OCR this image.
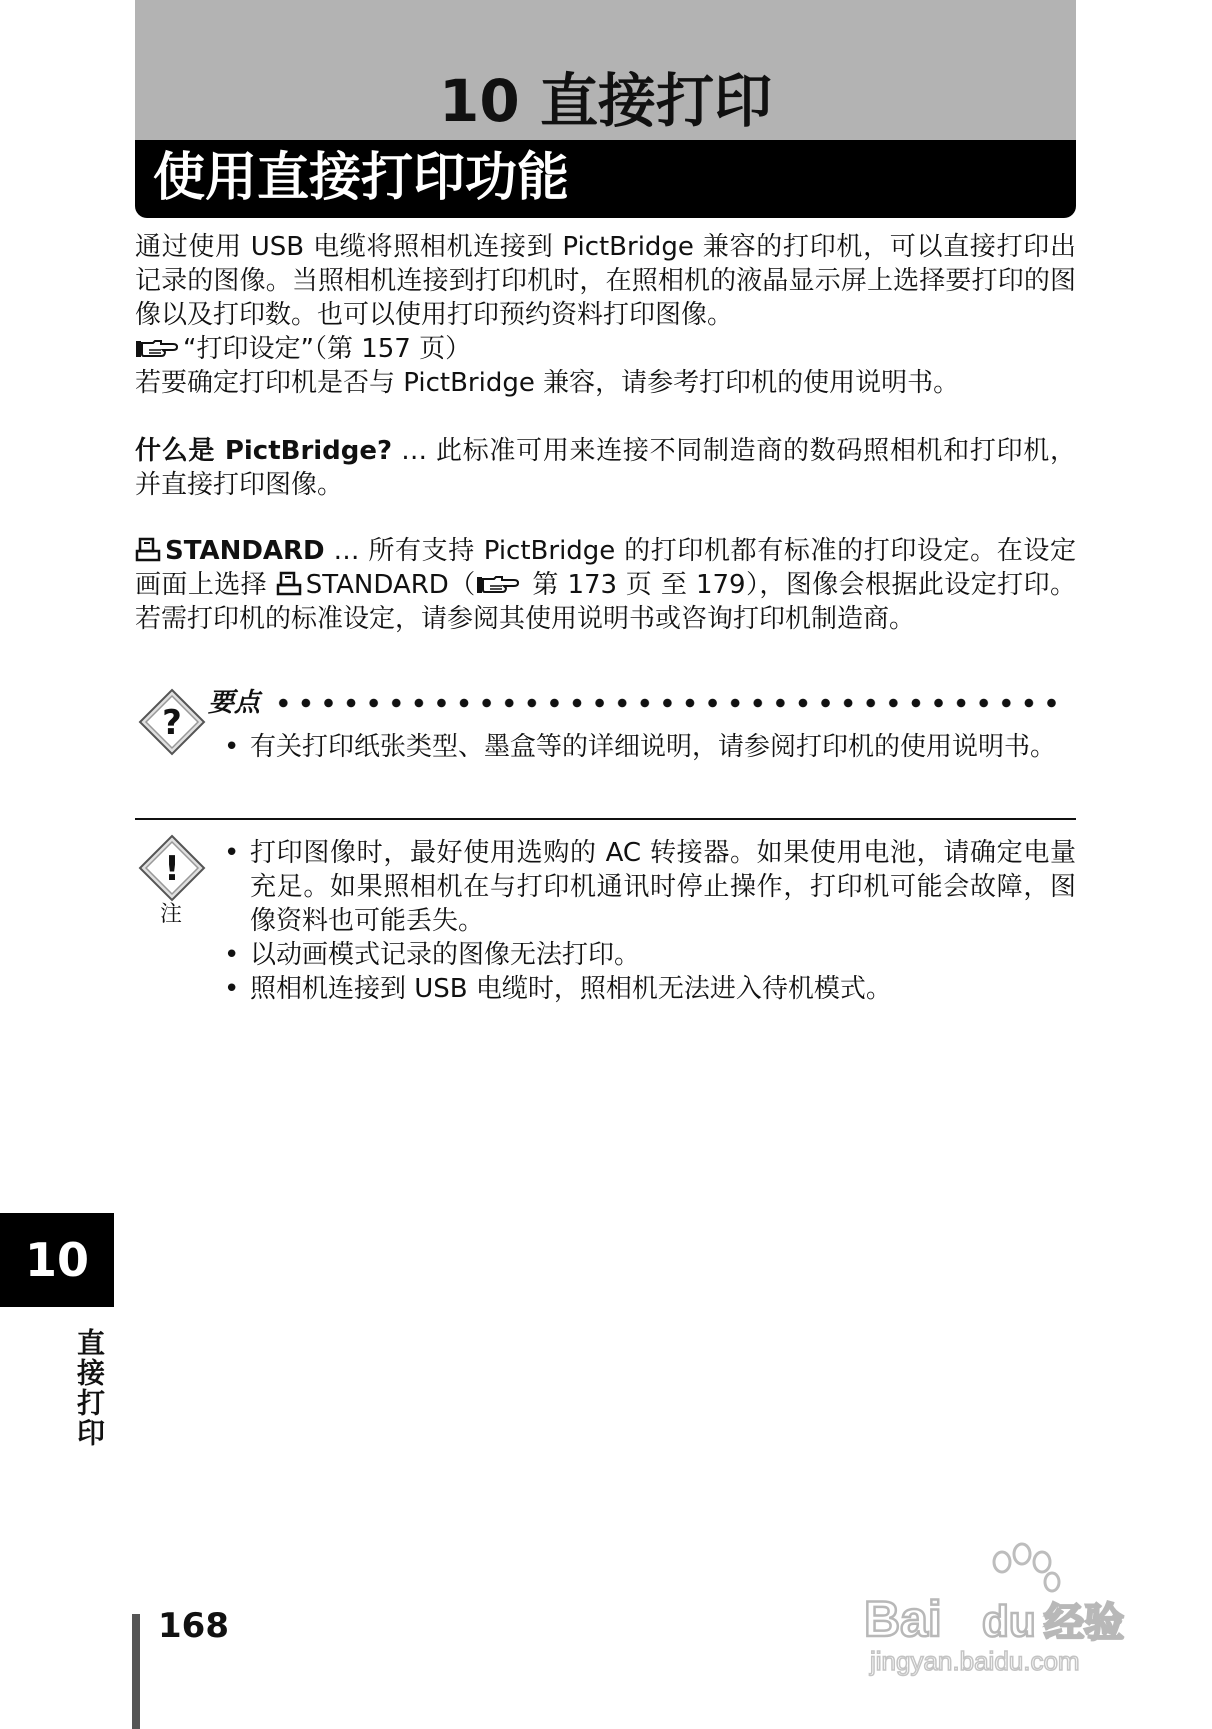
10 直接打印
使用直接打印功能
通过使用 USB 电缆将照相机连接到 PictBridge 兼容的打印机，可以直接打印出记录的图像。当照相机连接到打印机时，在照相机的液晶显示屏上选择要打印的图像以及打印数。也可以使用打印预约资料打印图像。
“打印设定”（第 157 页）
若要确定打印机是否与 PictBridge 兼容，请参考打印机的使用说明书。
什么是 PictBridge? … 此标准可用来连接不同制造商的数码照相机和打印机，并直接打印图像。
STANDARD … 所有支持 PictBridge 的打印机都有标准的打印设定。在设定画面上选择 STANDARD（ 第 173 页 至 179），图像会根据此设定打印。若需打印机的标准设定，请参阅其使用说明书或咨询打印机制造商。
? 要点
• 有关打印纸张类型、墨盒等的详细说明，请参阅打印机的使用说明书。
!
注
• 打印图像时，最好使用选购的 AC 转接器。如果使用电池，请确定电量充足。如果照相机在与打印机通讯时停止操作，打印机可能会故障，图像资料也可能丢失。
• 以动画模式记录的图像无法打印。
• 照相机连接到 USB 电缆时，照相机无法进入待机模式。
10
直接打印
168	Bai du 经验
jingyan.baidu.com
